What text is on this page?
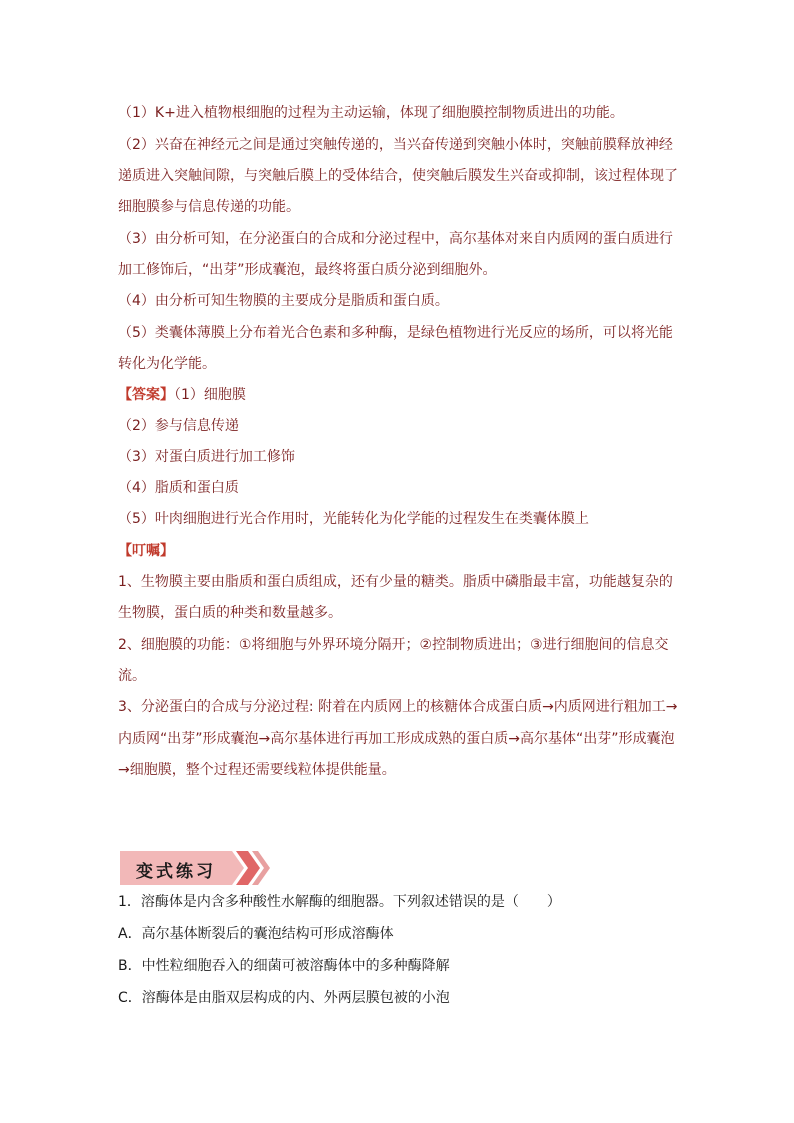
（1）K+进入植物根细胞的过程为主动运输，体现了细胞膜控制物质进出的功能。
（2）兴奋在神经元之间是通过突触传递的，当兴奋传递到突触小体时，突触前膜释放神经
递质进入突触间隙，与突触后膜上的受体结合，使突触后膜发生兴奋或抑制，该过程体现了
细胞膜参与信息传递的功能。
（3）由分析可知，在分泌蛋白的合成和分泌过程中，高尔基体对来自内质网的蛋白质进行
加工修饰后，“出芽”形成囊泡，最终将蛋白质分泌到细胞外。
（4）由分析可知生物膜的主要成分是脂质和蛋白质。
（5）类囊体薄膜上分布着光合色素和多种酶，是绿色植物进行光反应的场所，可以将光能
转化为化学能。
【答案】（1）细胞膜
（2）参与信息传递
（3）对蛋白质进行加工修饰
（4）脂质和蛋白质
（5）叶肉细胞进行光合作用时，光能转化为化学能的过程发生在类囊体膜上
【叮嘱】
1、生物膜主要由脂质和蛋白质组成，还有少量的糖类。脂质中磷脂最丰富，功能越复杂的
生物膜，蛋白质的种类和数量越多。
2、细胞膜的功能：①将细胞与外界环境分隔开；②控制物质进出；③进行细胞间的信息交
流。
3、分泌蛋白的合成与分泌过程: 附着在内质网上的核糖体合成蛋白质→内质网进行粗加工→
内质网“出芽”形成囊泡→高尔基体进行再加工形成成熟的蛋白质→高尔基体“出芽”形成囊泡
→细胞膜，整个过程还需要线粒体提供能量。
变式练习
1．溶酶体是内含多种酸性水解酶的细胞器。下列叙述错误的是（　　）
A．高尔基体断裂后的囊泡结构可形成溶酶体
B．中性粒细胞吞入的细菌可被溶酶体中的多种酶降解
C．溶酶体是由脂双层构成的内、外两层膜包被的小泡
